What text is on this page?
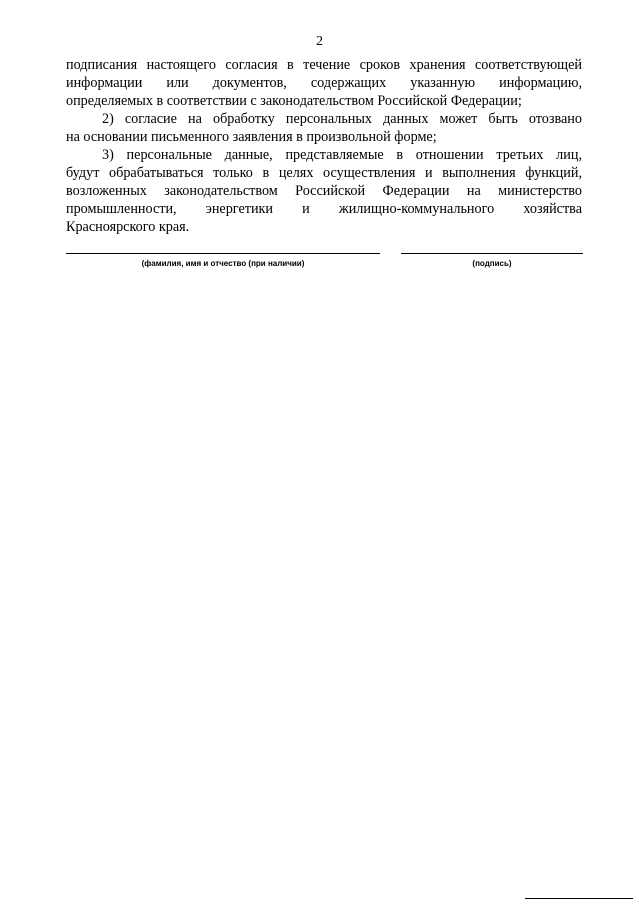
2

подписания настоящего согласия в течение сроков хранения соответствующей
информации или документов, содержащих указанную информацию,
определяемых в соответствии с законодательством Российской Федерации;

2) согласие на обработку персональных данных может быть отозвано
на основании письменного заявления в произвольной форме;

3) персональные данные, представляемые в отношении третьих лиц,
будут обрабатываться только в целях осуществления и выполнения функций,
возложенных законодательством Российской Федерации на министерство
промышленности, энергетики и жилищно-коммунального хозяйства
Красноярского края.

(фамилия, имя и отчество (при наличии)	(подпись)
